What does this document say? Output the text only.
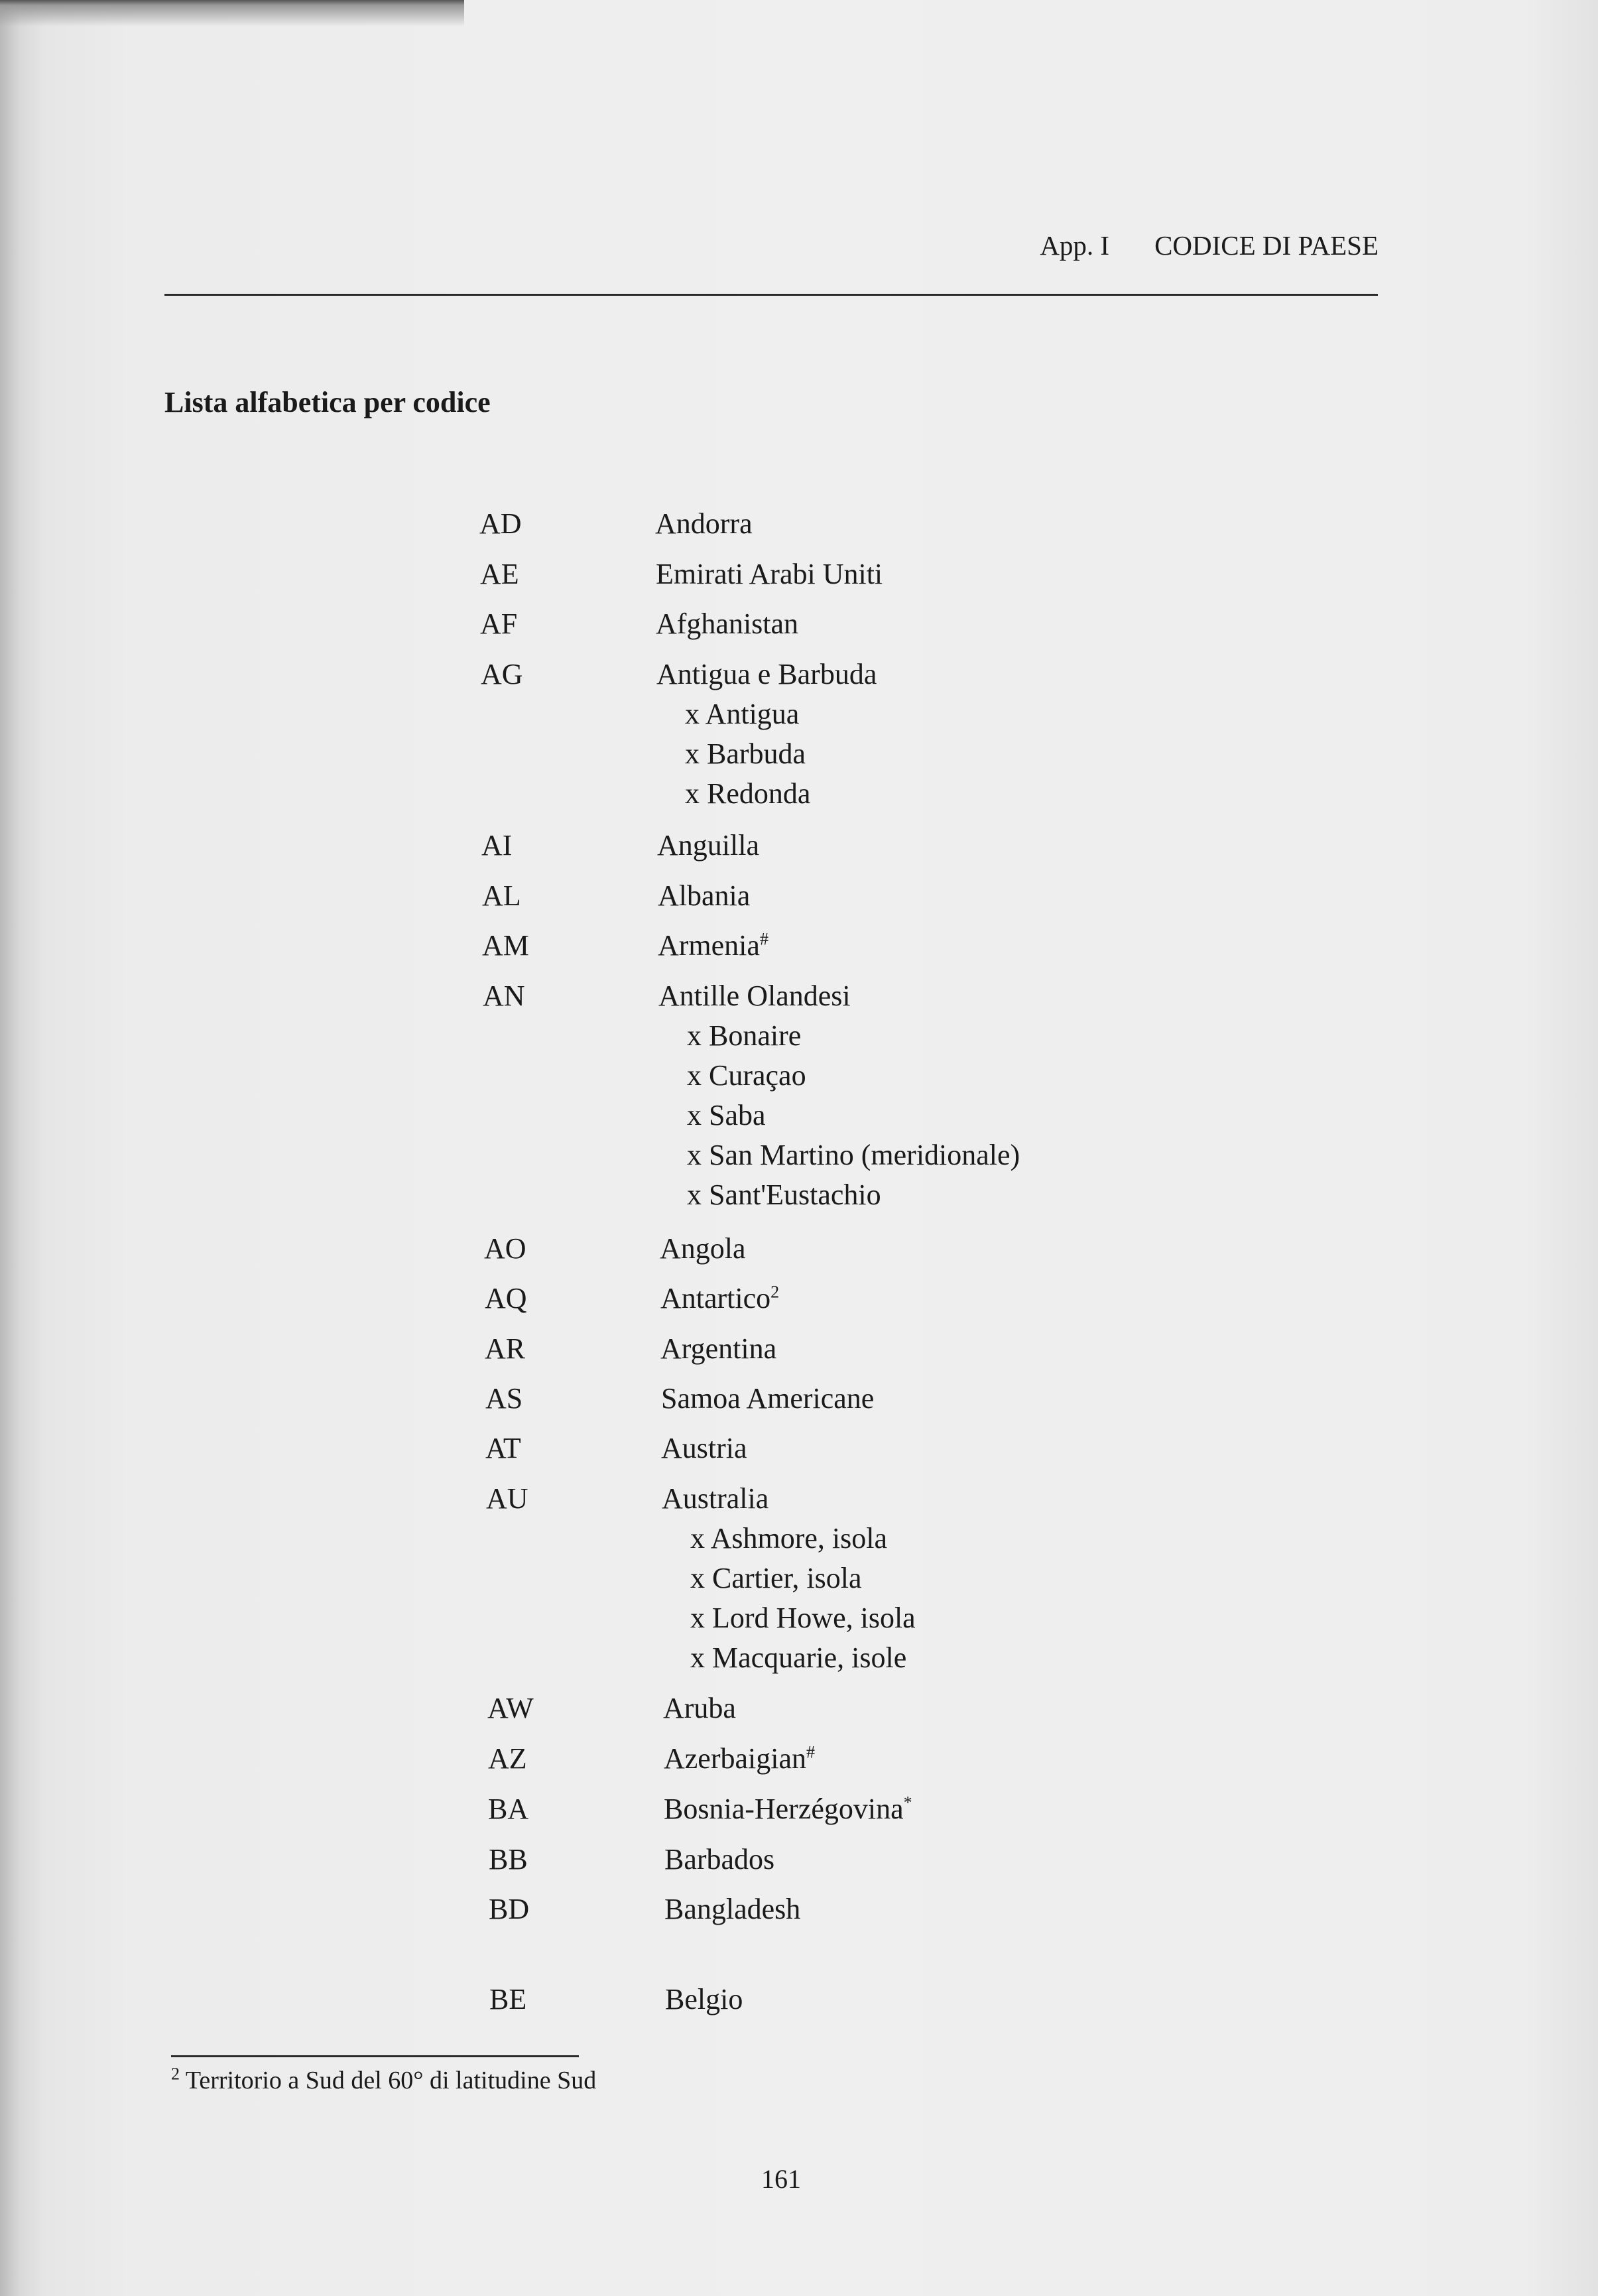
App. I CODICE DI PAESE
Lista alfabetica per codice
AD	Andorra
AE	Emirati Arabi Uniti
AF	Afghanistan
AG	Antigua e Barbuda
x Antigua
x Barbuda
x Redonda
AI	Anguilla
AL	Albania
AM	Armenia#
AN	Antille Olandesi
x Bonaire
x Curaçao
x Saba
x San Martino (meridionale)
x Sant'Eustachio
AO	Angola
AQ	Antartico$^2$
AR	Argentina
AS	Samoa Americane
AT	Austria
AU	Australia
x Ashmore, isola
x Cartier, isola
x Lord Howe, isola
x Macquarie, isole
AW	Aruba
AZ	Azerbaigian#
BA	Bosnia-Herzégovina*
BB	Barbados
BD	Bangladesh
BE	Belgio
$^2$ Territorio a Sud del 60° di latitudine Sud
161
